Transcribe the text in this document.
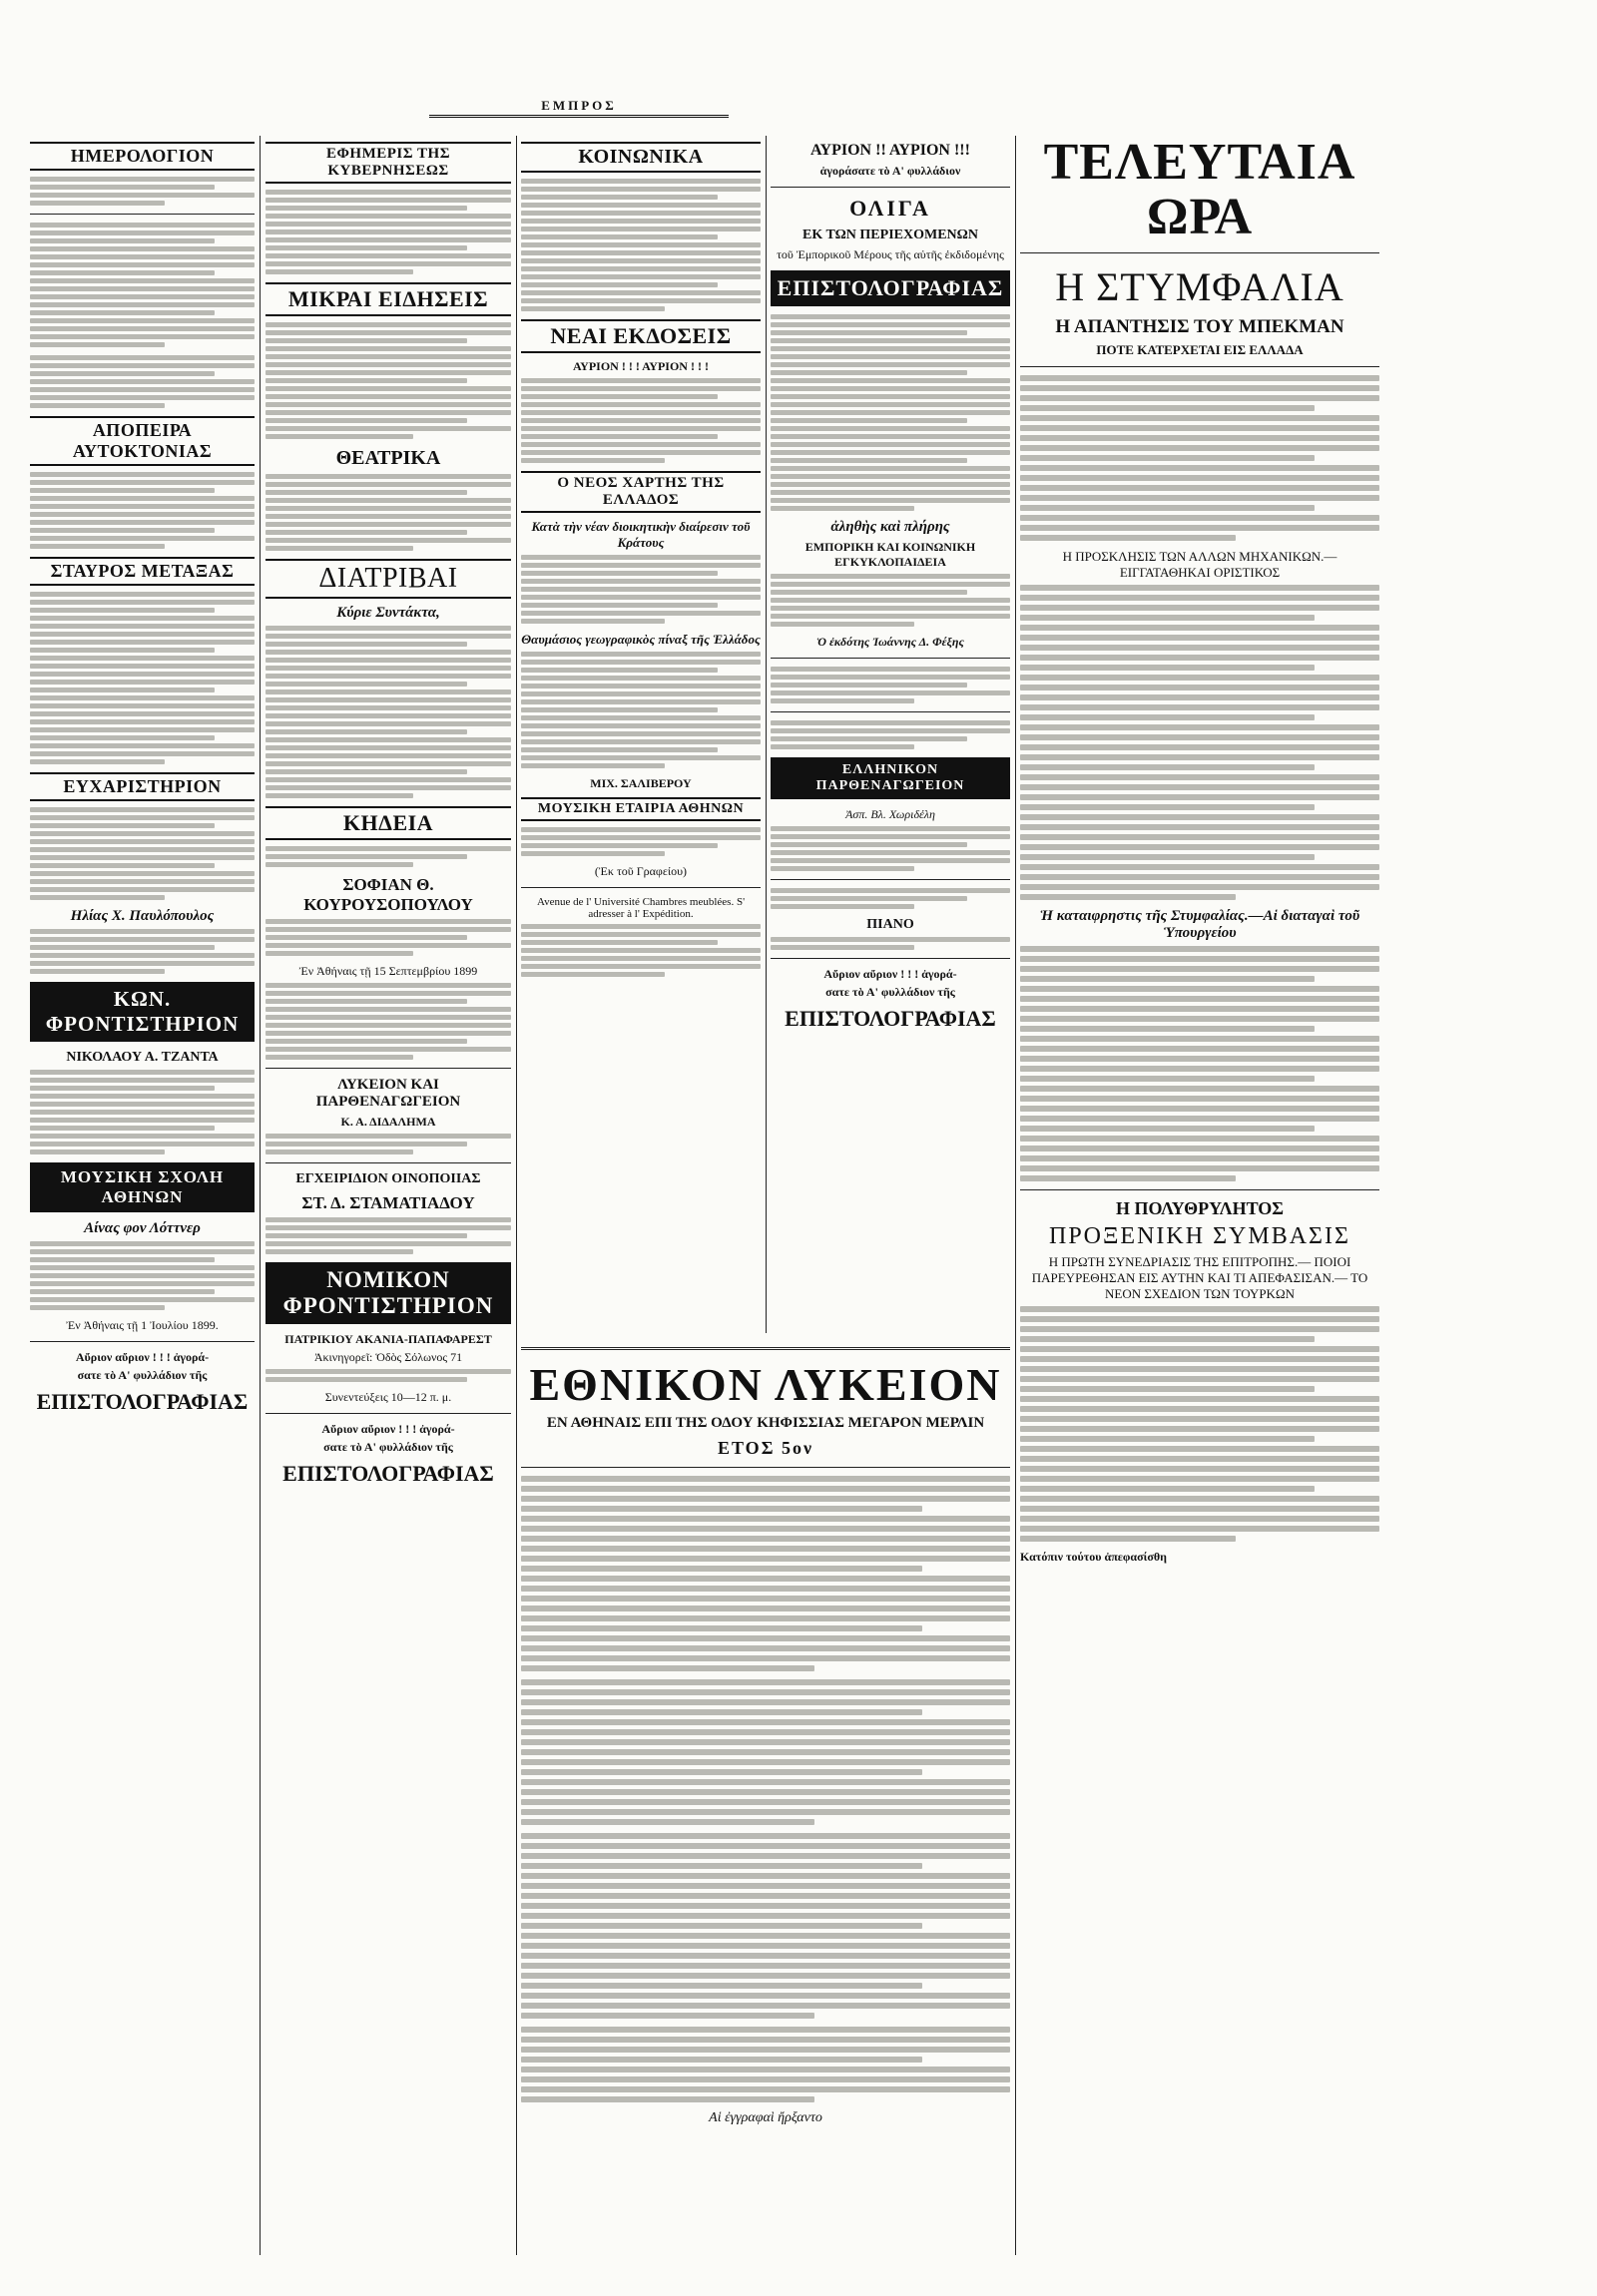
ΕΜΠΡΟΣ
ΗΜΕΡΟΛΟΓΙΟΝ
ΑΠΟΠΕΙΡΑ ΑΥΤΟΚΤΟΝΙΑΣ
ΣΤΑΥΡΟΣ ΜΕΤΑΞΑΣ
ΕΥΧΑΡΙΣΤΗΡΙΟΝ
Ηλίας Χ. Παυλόπουλος
ΚΩΝ. ΦΡΟΝΤΙΣΤΗΡΙΟΝ
ΝΙΚΟΛΑΟΥ Α. ΤΖΑΝΤΑ
ΜΟΥΣΙΚΗ ΣΧΟΛΗ ΑΘΗΝΩΝ
Αίνας φον Λόττνερ
Ἐν Ἀθήναις τῇ 1 Ἰουλίου 1899.
Αὔριον αὔριον ! ! ! ἀγορά-
σατε τὸ Α' φυλλάδιον τῆς
ΕΠΙΣΤΟΛΟΓΡΑΦΙΑΣ
ΕΦΗΜΕΡΙΣ ΤΗΣ ΚΥΒΕΡΝΗΣΕΩΣ
ΜΙΚΡΑΙ ΕΙΔΗΣΕΙΣ
ΘΕΑΤΡΙΚΑ
ΔΙΑΤΡΙΒΑΙ
Κύριε Συντάκτα,
ΚΗΔΕΙΑ
ΣΟΦΙΑΝ Θ. ΚΟΥΡΟΥΣΟΠΟΥΛΟΥ
Ἐν Ἀθήναις τῇ 15 Σεπτεμβρίου 1899
ΛΥΚΕΙΟΝ ΚΑΙ ΠΑΡΘΕΝΑΓΩΓΕΙΟΝ
Κ. Α. ΔΙΔΑΛΗΜΑ
ΕΓΧΕΙΡΙΔΙΟΝ ΟΙΝΟΠΟΙΙΑΣ
ΣΤ. Δ. ΣΤΑΜΑΤΙΑΔΟΥ
ΝΟΜΙΚΟΝ ΦΡΟΝΤΙΣΤΗΡΙΟΝ
ΠΑΤΡΙΚΙΟΥ ΑΚΑΝΙΑ-ΠΑΠΑΦΑΡΕΣΤ
Ἀκινηγορεῖ: Ὁδὸς Σόλωνος 71
Συνεντεύξεις 10—12 π. μ.
Αὔριον αὔριον ! ! ! ἀγορά-
σατε τὸ Α' φυλλάδιον τῆς
ΕΠΙΣΤΟΛΟΓΡΑΦΙΑΣ
ΚΟΙΝΩΝΙΚΑ
ΝΕΑΙ ΕΚΔΟΣΕΙΣ
ΑΥΡΙΟΝ ! ! ! ΑΥΡΙΟΝ ! ! !
Ο ΝΕΟΣ ΧΑΡΤΗΣ ΤΗΣ ΕΛΛΑΔΟΣ
Κατὰ τὴν νέαν διοικητικὴν διαίρεσιν τοῦ Κράτους
Θαυμάσιος γεωγραφικὸς πίναξ τῆς Ἑλλάδος
ΜΙΧ. ΣΑΛΙΒΕΡΟΥ
ΜΟΥΣΙΚΗ ΕΤΑΙΡΙΑ ΑΘΗΝΩΝ
(Ἐκ τοῦ Γραφείου)
Avenue de l' Université Chambres meublées. S' adresser à l' Expédition.
ΑΥΡΙΟΝ !! ΑΥΡΙΟΝ !!!
ἀγοράσατε τὸ Α' φυλλάδιον
ΟΛΙΓΑ
ΕΚ ΤΩΝ ΠΕΡΙΕΧΟΜΕΝΩΝ
τοῦ Ἐμπορικοῦ Μέρους τῆς αὐτῆς ἐκδιδομένης
ΕΠΙΣΤΟΛΟΓΡΑΦΙΑΣ
ἀληθὴς καὶ πλήρης
ΕΜΠΟΡΙΚΗ ΚΑΙ ΚΟΙΝΩΝΙΚΗ ΕΓΚΥΚΛΟΠΑΙΔΕΙΑ
Ὁ ἐκδότης Ἰωάννης Δ. Φέξης
ΕΛΛΗΝΙΚΟΝ ΠΑΡΘΕΝΑΓΩΓΕΙΟΝ
Ἀσπ. Βλ. Χωριδέλη
ΠΙΑΝΟ
Αὔριον αὔριον ! ! ! ἀγορά-
σατε τὸ Α' φυλλάδιον τῆς
ΕΠΙΣΤΟΛΟΓΡΑΦΙΑΣ
ΕΘΝΙΚΟΝ ΛΥΚΕΙΟΝ
ΕΝ ΑΘΗΝΑΙΣ ΕΠΙ ΤΗΣ ΟΔΟΥ ΚΗΦΙΣΣΙΑΣ ΜΕΓΑΡΟΝ ΜΕΡΛΙΝ
ΕΤΟΣ 5ον
Αἱ ἐγγραφαὶ ἤρξαντο
ΤΕΛΕΥΤΑΙΑ ΩΡΑ
Η ΣΤΥΜΦΑΛΙΑ
Η ΑΠΑΝΤΗΣΙΣ ΤΟΥ ΜΠΕΚΜΑΝ
ΠΟΤΕ ΚΑΤΕΡΧΕΤΑΙ ΕΙΣ ΕΛΛΑΔΑ
Η ΠΡΟΣΚΛΗΣΙΣ ΤΩΝ ΑΛΛΩΝ ΜΗΧΑΝΙΚΩΝ.— ΕΙΓΓΑΤΑΘΗΚΑΙ ΟΡΙΣΤΙΚΟΣ
Ἡ καταιφρηστις τῆς Στυμφαλίας.—Αἱ διαταγαὶ τοῦ Ὑπουργείου
Η ΠΟΛΥΘΡΥΛΗΤΟΣ
ΠΡΟΞΕΝΙΚΗ ΣΥΜΒΑΣΙΣ
Η ΠΡΩΤΗ ΣΥΝΕΔΡΙΑΣΙΣ ΤΗΣ ΕΠΙΤΡΟΠΗΣ.— ΠΟΙΟΙ ΠΑΡΕΥΡΕΘΗΣΑΝ ΕΙΣ ΑΥΤΗΝ ΚΑΙ ΤΙ ΑΠΕΦΑΣΙΣΑΝ.— ΤΟ ΝΕΟΝ ΣΧΕΔΙΟΝ ΤΩΝ ΤΟΥΡΚΩΝ
Κατόπιν τούτου ἀπεφασίσθη
